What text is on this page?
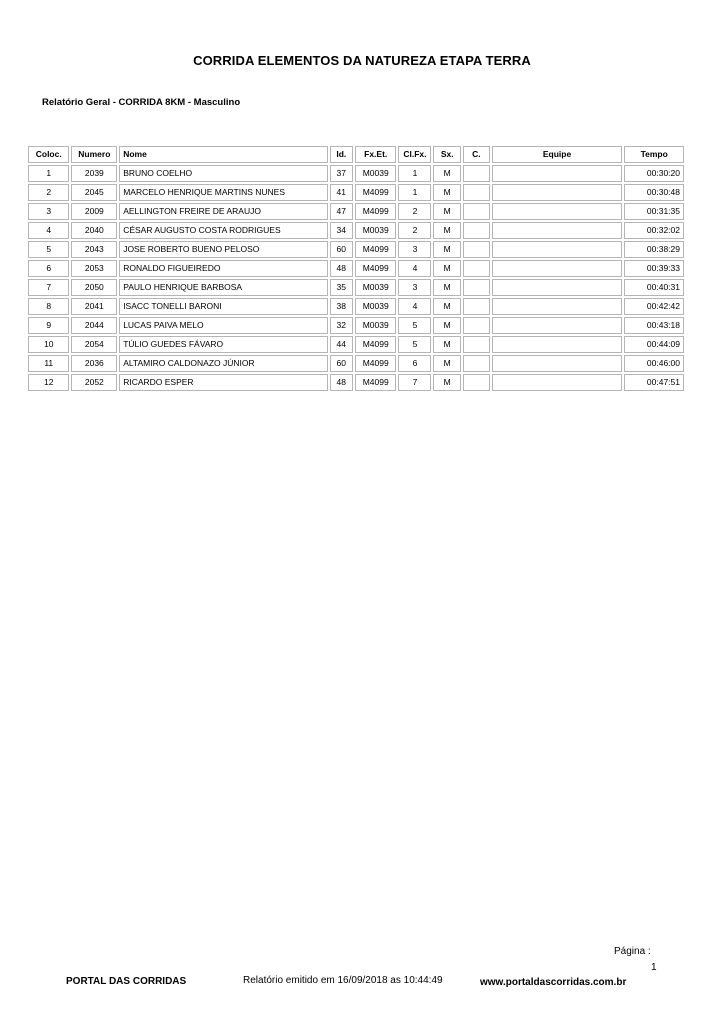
CORRIDA ELEMENTOS DA NATUREZA ETAPA TERRA
Relatório Geral - CORRIDA 8KM - Masculino
Coloc.	Numero	Nome	Id.	Fx.Et.	Cl.Fx.	Sx.	C.	Equipe	Tempo
1	2039	BRUNO COELHO	37	M0039	1	M			00:30:20
2	2045	MARCELO HENRIQUE MARTINS NUNES	41	M4099	1	M			00:30:48
3	2009	AELLINGTON FREIRE DE ARAUJO	47	M4099	2	M			00:31:35
4	2040	CÉSAR AUGUSTO COSTA RODRIGUES	34	M0039	2	M			00:32:02
5	2043	JOSE ROBERTO BUENO PELOSO	60	M4099	3	M			00:38:29
6	2053	RONALDO FIGUEIREDO	48	M4099	4	M			00:39:33
7	2050	PAULO HENRIQUE BARBOSA	35	M0039	3	M			00:40:31
8	2041	ISACC TONELLI BARONI	38	M0039	4	M			00:42:42
9	2044	LUCAS PAIVA MELO	32	M0039	5	M			00:43:18
10	2054	TÚLIO GUEDES FÁVARO	44	M4099	5	M			00:44:09
11	2036	ALTAMIRO CALDONAZO JÚNIOR	60	M4099	6	M			00:46:00
12	2052	RICARDO ESPER	48	M4099	7	M			00:47:51
Página :
1
PORTAL DAS CORRIDAS	Relatório emitido em 16/09/2018 as 10:44:49	www.portaldascorridas.com.br
